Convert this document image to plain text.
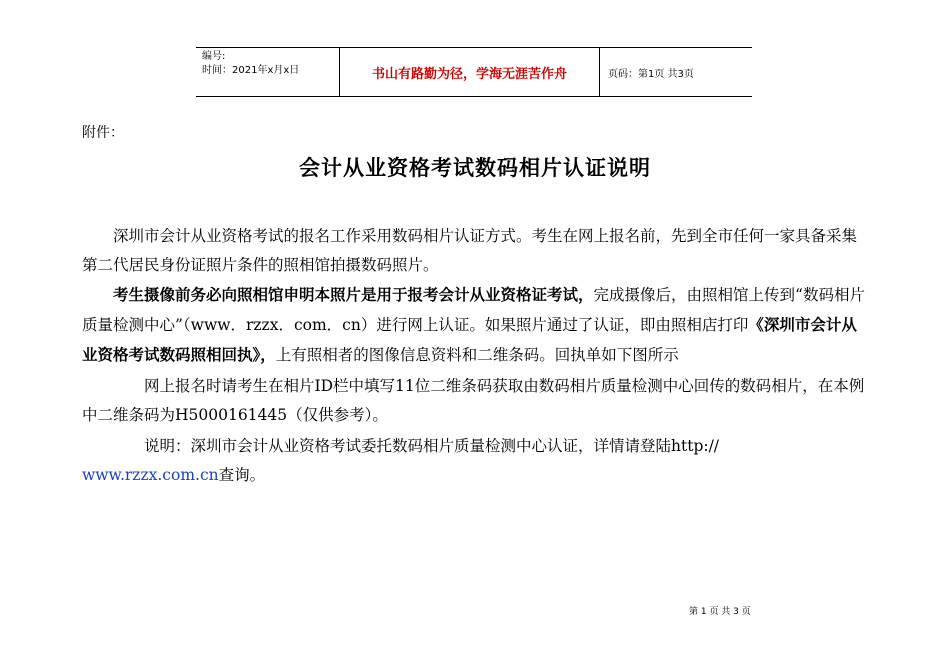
编号:
时间：2021年x月x日	书山有路勤为径，学海无涯苦作舟	页码：第1页 共3页
附件：
会计从业资格考试数码相片认证说明

深圳市会计从业资格考试的报名工作采用数码相片认证方式。考生在网上报名前，先到全市任何一家具备采集第二代居民身份证照片条件的照相馆拍摄数码照片。

考生摄像前务必向照相馆申明本照片是用于报考会计从业资格证考试，完成摄像后，由照相馆上传到“数码相片质量检测中心”（www．rzzx．com．cn）进行网上认证。如果照片通过了认证，即由照相店打印《深圳市会计从业资格考试数码照相回执》，上有照相者的图像信息资料和二维条码。回执单如下图所示

网上报名时请考生在相片ID栏中填写11位二维条码获取由数码相片质量检测中心回传的数码相片，在本例中二维条码为H5000161445（仅供参考）。

说明：深圳市会计从业资格考试委托数码相片质量检测中心认证，详情请登陆http://
www.rzzx.com.cn查询。

第 1 页 共 3 页
